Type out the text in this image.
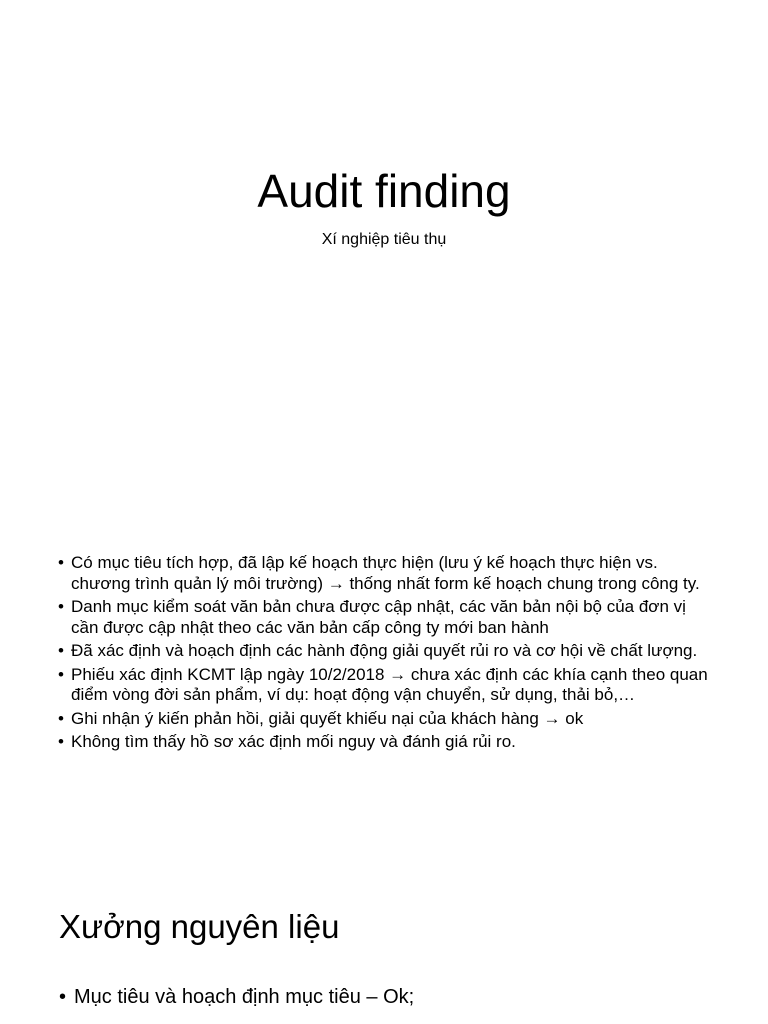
Audit finding
Xí nghiệp tiêu thụ
• Có mục tiêu tích hợp, đã lập kế hoạch thực hiện (lưu ý kế hoạch thực hiện vs. chương trình quản lý môi trường) → thống nhất form kế hoạch chung trong công ty.
• Danh mục kiểm soát văn bản chưa được cập nhật, các văn bản nội bộ của đơn vị cần được cập nhật theo các văn bản cấp công ty mới ban hành
• Đã xác định và hoạch định các hành động giải quyết rủi ro và cơ hội về chất lượng.
• Phiếu xác định KCMT lập ngày 10/2/2018 → chưa xác định các khía cạnh theo quan điểm vòng đời sản phẩm, ví dụ: hoạt động vận chuyển, sử dụng, thải bỏ,…
• Ghi nhận ý kiến phản hồi, giải quyết khiếu nại của khách hàng → ok
• Không tìm thấy hồ sơ xác định mối nguy và đánh giá rủi ro.
Xưởng nguyên liệu
• Mục tiêu và hoạch định mục tiêu – Ok;
